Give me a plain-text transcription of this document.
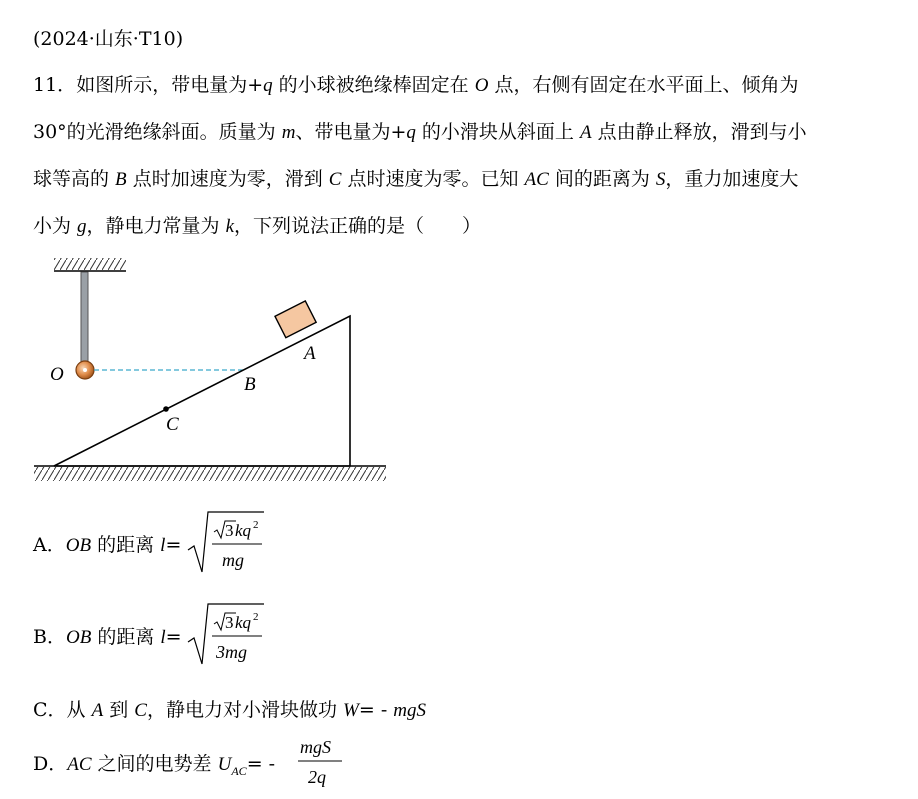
(2024·山东·T10)
11．如图所示，带电量为+q 的小球被绝缘棒固定在 O 点，右侧有固定在水平面上、倾角为
30°的光滑绝缘斜面。质量为 m、带电量为+q 的小滑块从斜面上 A 点由静止释放，滑到与小
球等高的 B 点时加速度为零，滑到 C 点时速度为零。已知 AC 间的距离为 S，重力加速度大
小为 g，静电力常量为 k，下列说法正确的是（　　）
O
A
B
C
A．OB 的距离 l=
3 kq 2
mg
B．OB 的距离 l=
3 kq 2
3mg
C．从 A 到 C，静电力对小滑块做功 W= - mgS
D．AC 之间的电势差 $U_{AC}=$ -
mgS
2q
